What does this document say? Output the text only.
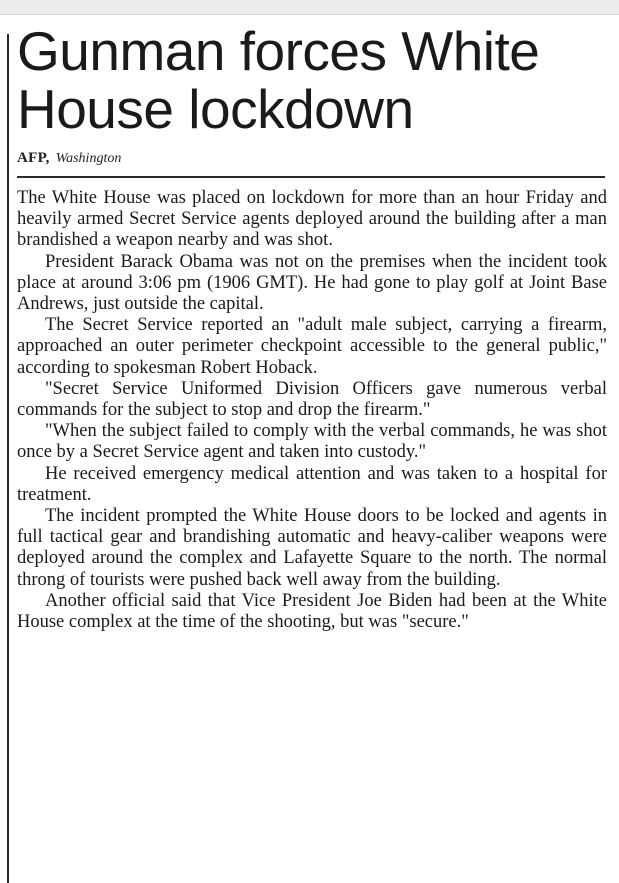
Gunman forces White House lockdown
AFP, Washington

The White House was placed on lockdown for more than an hour Friday and heavily armed Secret Service agents deployed around the building after a man brandished a weapon nearby and was shot.

President Barack Obama was not on the premises when the incident took place at around 3:06 pm (1906 GMT). He had gone to play golf at Joint Base Andrews, just outside the capital.

The Secret Service reported an "adult male subject, carrying a firearm, approached an outer perimeter checkpoint accessible to the general public," according to spokesman Robert Hoback.

"Secret Service Uniformed Division Officers gave numerous verbal commands for the subject to stop and drop the firearm."

"When the subject failed to comply with the verbal commands, he was shot once by a Secret Service agent and taken into custody."

He received emergency medical attention and was taken to a hospital for treatment.

The incident prompted the White House doors to be locked and agents in full tactical gear and brandishing automatic and heavy-caliber weapons were deployed around the complex and Lafayette Square to the north. The normal throng of tourists were pushed back well away from the building.

Another official said that Vice President Joe Biden had been at the White House complex at the time of the shooting, but was "secure."
